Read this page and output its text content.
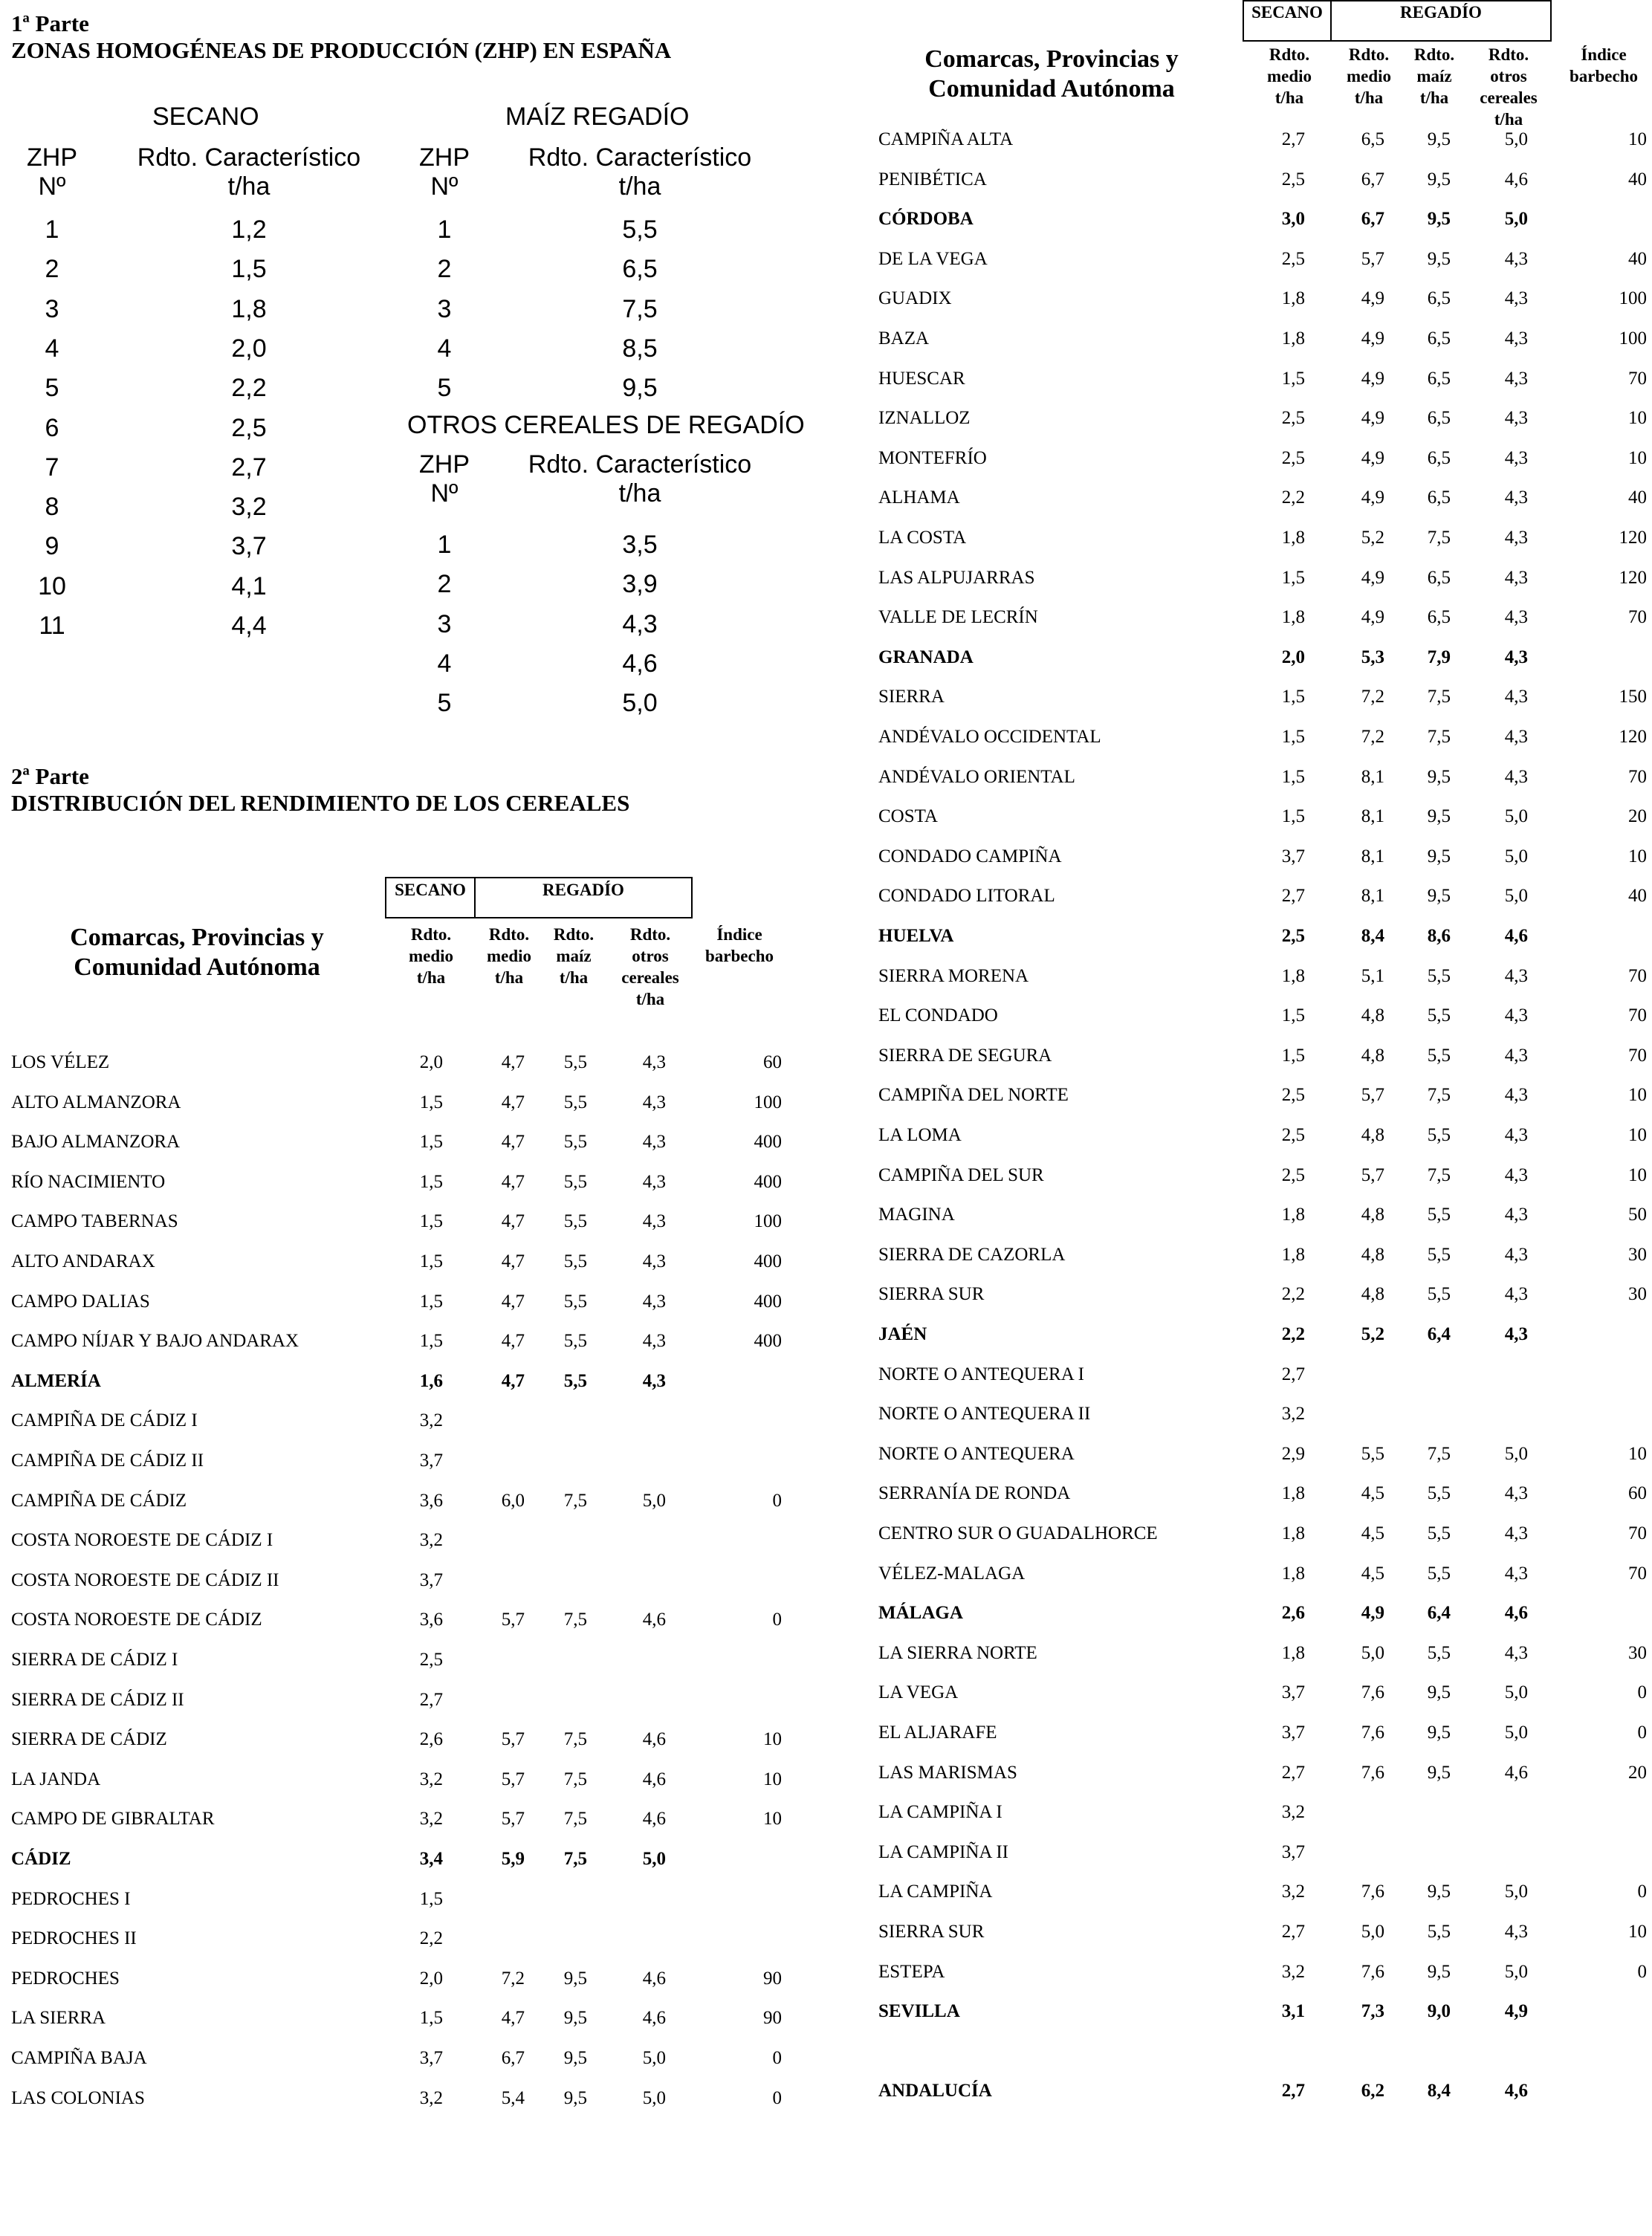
1ª Parte
ZONAS HOMOGÉNEAS DE PRODUCCIÓN (ZHP) EN ESPAÑA
SECANO	MAÍZ REGADÍO
ZHP
Nº
Rdto. Característico
t/ha
1	1,2
2	1,5
3	1,8
4	2,0
5	2,2
6	2,5
7	2,7
8	3,2
9	3,7
10	4,1
11	4,4
ZHP
Nº
Rdto. Característico
t/ha
1	5,5
2	6,5
3	7,5
4	8,5
5	9,5
OTROS CEREALES DE REGADÍO
ZHP
Nº
Rdto. Característico
t/ha
1	3,5
2	3,9
3	4,3
4	4,6
5	5,0
2ª Parte
DISTRIBUCIÓN DEL RENDIMIENTO DE LOS CEREALES
SECANO	REGADÍO
Comarcas, Provincias y
Comunidad Autónoma
Rdto.
medio
t/ha
Rdto.
medio
t/ha
Rdto.
maíz
t/ha
Rdto.
otros
cereales
t/ha
Índice
barbecho
LOS VÉLEZ	2,0	4,7	5,5	4,3	60
ALTO ALMANZORA	1,5	4,7	5,5	4,3	100
BAJO ALMANZORA	1,5	4,7	5,5	4,3	400
RÍO NACIMIENTO	1,5	4,7	5,5	4,3	400
CAMPO TABERNAS	1,5	4,7	5,5	4,3	100
ALTO ANDARAX	1,5	4,7	5,5	4,3	400
CAMPO DALIAS	1,5	4,7	5,5	4,3	400
CAMPO NÍJAR Y BAJO ANDARAX	1,5	4,7	5,5	4,3	400
ALMERÍA	1,6	4,7	5,5	4,3
CAMPIÑA DE CÁDIZ I	3,2
CAMPIÑA DE CÁDIZ II	3,7
CAMPIÑA DE CÁDIZ	3,6	6,0	7,5	5,0	0
COSTA NOROESTE DE CÁDIZ I	3,2
COSTA NOROESTE DE CÁDIZ II	3,7
COSTA NOROESTE DE CÁDIZ	3,6	5,7	7,5	4,6	0
SIERRA DE CÁDIZ I	2,5
SIERRA DE CÁDIZ II	2,7
SIERRA DE CÁDIZ	2,6	5,7	7,5	4,6	10
LA JANDA	3,2	5,7	7,5	4,6	10
CAMPO DE GIBRALTAR	3,2	5,7	7,5	4,6	10
CÁDIZ	3,4	5,9	7,5	5,0
PEDROCHES I	1,5
PEDROCHES II	2,2
PEDROCHES	2,0	7,2	9,5	4,6	90
LA SIERRA	1,5	4,7	9,5	4,6	90
CAMPIÑA BAJA	3,7	6,7	9,5	5,0	0
LAS COLONIAS	3,2	5,4	9,5	5,0	0
SECANO	REGADÍO
Comarcas, Provincias y
Comunidad Autónoma
Rdto.
medio
t/ha
Rdto.
medio
t/ha
Rdto.
maíz
t/ha
Rdto.
otros
cereales
t/ha
Índice
barbecho
CAMPIÑA ALTA	2,7	6,5	9,5	5,0	10
PENIBÉTICA	2,5	6,7	9,5	4,6	40
CÓRDOBA	3,0	6,7	9,5	5,0
DE LA VEGA	2,5	5,7	9,5	4,3	40
GUADIX	1,8	4,9	6,5	4,3	100
BAZA	1,8	4,9	6,5	4,3	100
HUESCAR	1,5	4,9	6,5	4,3	70
IZNALLOZ	2,5	4,9	6,5	4,3	10
MONTEFRÍO	2,5	4,9	6,5	4,3	10
ALHAMA	2,2	4,9	6,5	4,3	40
LA COSTA	1,8	5,2	7,5	4,3	120
LAS ALPUJARRAS	1,5	4,9	6,5	4,3	120
VALLE DE LECRÍN	1,8	4,9	6,5	4,3	70
GRANADA	2,0	5,3	7,9	4,3
SIERRA	1,5	7,2	7,5	4,3	150
ANDÉVALO OCCIDENTAL	1,5	7,2	7,5	4,3	120
ANDÉVALO ORIENTAL	1,5	8,1	9,5	4,3	70
COSTA	1,5	8,1	9,5	5,0	20
CONDADO CAMPIÑA	3,7	8,1	9,5	5,0	10
CONDADO LITORAL	2,7	8,1	9,5	5,0	40
HUELVA	2,5	8,4	8,6	4,6
SIERRA MORENA	1,8	5,1	5,5	4,3	70
EL CONDADO	1,5	4,8	5,5	4,3	70
SIERRA DE SEGURA	1,5	4,8	5,5	4,3	70
CAMPIÑA DEL NORTE	2,5	5,7	7,5	4,3	10
LA LOMA	2,5	4,8	5,5	4,3	10
CAMPIÑA DEL SUR	2,5	5,7	7,5	4,3	10
MAGINA	1,8	4,8	5,5	4,3	50
SIERRA DE CAZORLA	1,8	4,8	5,5	4,3	30
SIERRA SUR	2,2	4,8	5,5	4,3	30
JAÉN	2,2	5,2	6,4	4,3
NORTE O ANTEQUERA I	2,7
NORTE O ANTEQUERA II	3,2
NORTE O ANTEQUERA	2,9	5,5	7,5	5,0	10
SERRANÍA DE RONDA	1,8	4,5	5,5	4,3	60
CENTRO SUR O GUADALHORCE	1,8	4,5	5,5	4,3	70
VÉLEZ-MALAGA	1,8	4,5	5,5	4,3	70
MÁLAGA	2,6	4,9	6,4	4,6
LA SIERRA NORTE	1,8	5,0	5,5	4,3	30
LA VEGA	3,7	7,6	9,5	5,0	0
EL ALJARAFE	3,7	7,6	9,5	5,0	0
LAS MARISMAS	2,7	7,6	9,5	4,6	20
LA CAMPIÑA I	3,2
LA CAMPIÑA II	3,7
LA CAMPIÑA	3,2	7,6	9,5	5,0	0
SIERRA SUR	2,7	5,0	5,5	4,3	10
ESTEPA	3,2	7,6	9,5	5,0	0
SEVILLA	3,1	7,3	9,0	4,9
ANDALUCÍA	2,7	6,2	8,4	4,6
